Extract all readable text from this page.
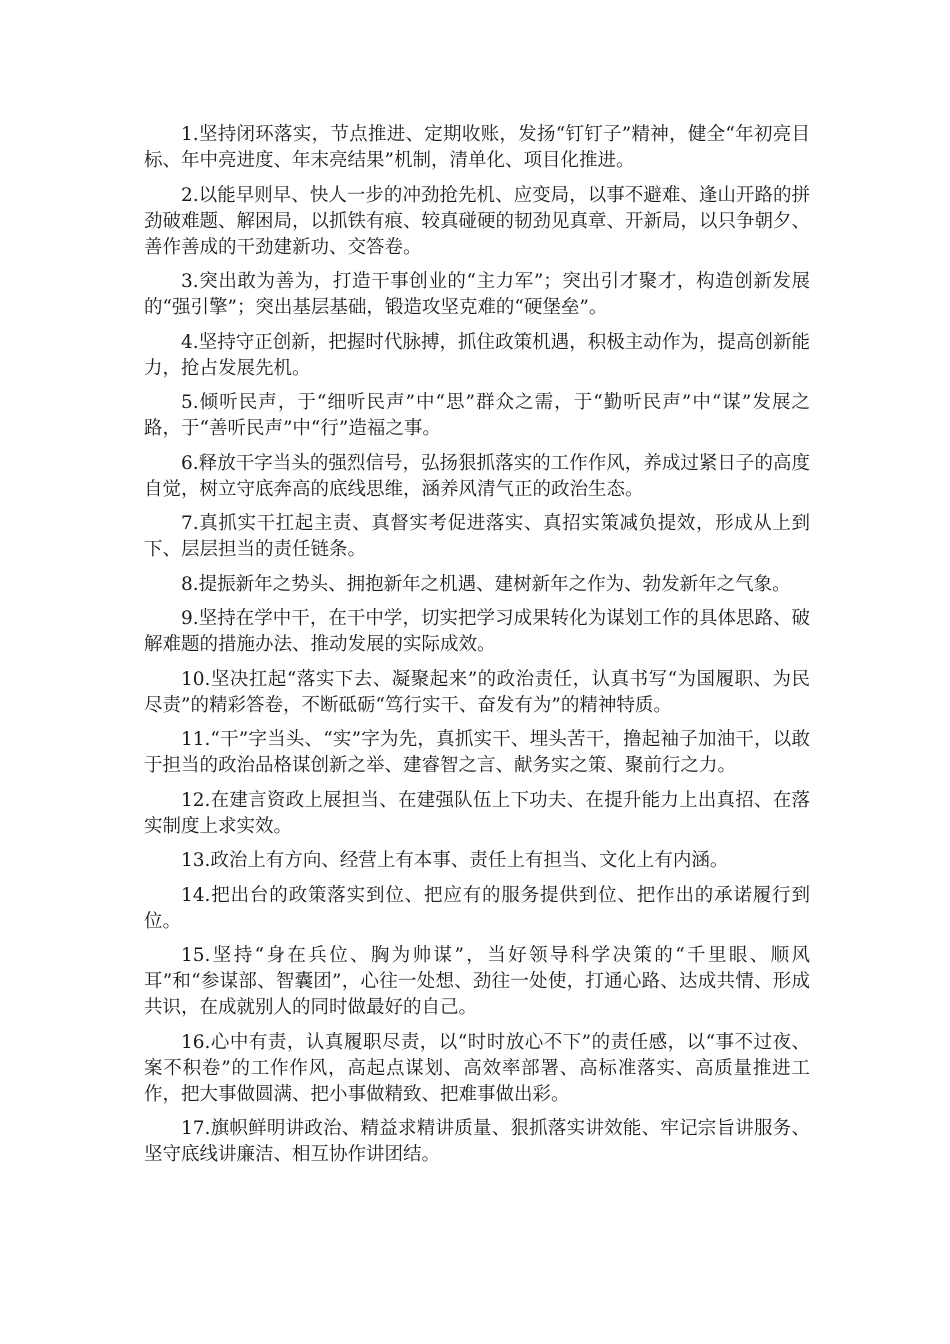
1.坚持闭环落实，节点推进、定期收账，发扬“钉钉子”精神，健全“年初亮目标、年中亮进度、年末亮结果”机制，清单化、项目化推进。

2.以能早则早、快人一步的冲劲抢先机、应变局，以事不避难、逢山开路的拼劲破难题、解困局，以抓铁有痕、较真碰硬的韧劲见真章、开新局，以只争朝夕、善作善成的干劲建新功、交答卷。

3.突出敢为善为，打造干事创业的“主力军”；突出引才聚才，构造创新发展的“强引擎”；突出基层基础，锻造攻坚克难的“硬堡垒”。

4.坚持守正创新，把握时代脉搏，抓住政策机遇，积极主动作为，提高创新能力，抢占发展先机。

5.倾听民声，于“细听民声”中“思”群众之需，于“勤听民声”中“谋”发展之路，于“善听民声”中“行”造福之事。

6.释放干字当头的强烈信号，弘扬狠抓落实的工作作风，养成过紧日子的高度自觉，树立守底奔高的底线思维，涵养风清气正的政治生态。

7.真抓实干扛起主责、真督实考促进落实、真招实策减负提效，形成从上到下、层层担当的责任链条。

8.提振新年之势头、拥抱新年之机遇、建树新年之作为、勃发新年之气象。

9.坚持在学中干，在干中学，切实把学习成果转化为谋划工作的具体思路、破解难题的措施办法、推动发展的实际成效。

10.坚决扛起“落实下去、凝聚起来”的政治责任，认真书写“为国履职、为民尽责”的精彩答卷，不断砥砺“笃行实干、奋发有为”的精神特质。

11.“干”字当头、“实”字为先，真抓实干、埋头苦干，撸起袖子加油干，以敢于担当的政治品格谋创新之举、建睿智之言、献务实之策、聚前行之力。

12.在建言资政上展担当、在建强队伍上下功夫、在提升能力上出真招、在落实制度上求实效。

13.政治上有方向、经营上有本事、责任上有担当、文化上有内涵。

14.把出台的政策落实到位、把应有的服务提供到位、把作出的承诺履行到位。

15.坚持“身在兵位、胸为帅谋”，当好领导科学决策的“千里眼、顺风耳”和“参谋部、智囊团”，心往一处想、劲往一处使，打通心路、达成共情、形成共识，在成就别人的同时做最好的自己。

16.心中有责，认真履职尽责，以“时时放心不下”的责任感，以“事不过夜、案不积卷”的工作作风，高起点谋划、高效率部署、高标准落实、高质量推进工作，把大事做圆满、把小事做精致、把难事做出彩。

17.旗帜鲜明讲政治、精益求精讲质量、狠抓落实讲效能、牢记宗旨讲服务、坚守底线讲廉洁、相互协作讲团结。
